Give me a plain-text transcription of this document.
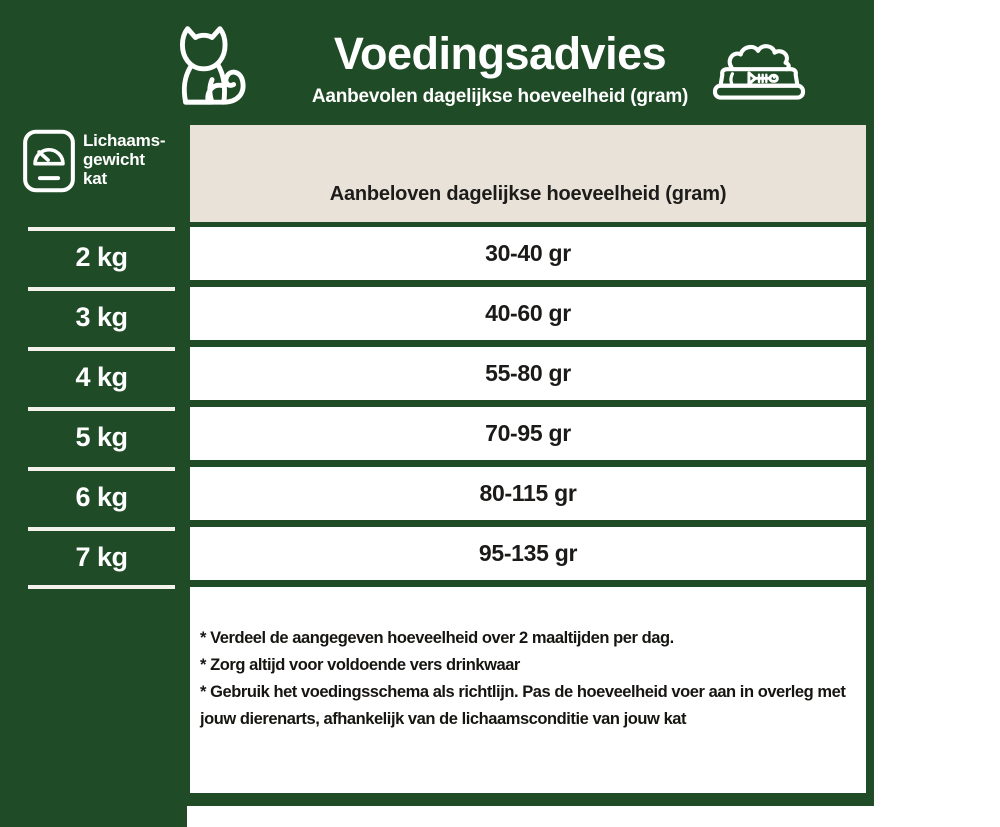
Voedingsadvies
Aanbevolen dagelijkse hoeveelheid (gram)
Lichaams-gewicht kat
2 kg
3 kg
4 kg
5 kg
6 kg
7 kg
Aanbeloven dagelijkse hoeveelheid (gram)
30-40 gr
40-60 gr
55-80 gr
70-95 gr
80-115 gr
95-135 gr
* Verdeel de aangegeven hoeveelheid over 2 maaltijden per dag.
* Zorg altijd voor voldoende vers drinkwaar
* Gebruik het voedingsschema als richtlijn. Pas de hoeveelheid voer aan in overleg met jouw dierenarts, afhankelijk van de lichaamsconditie van jouw kat
